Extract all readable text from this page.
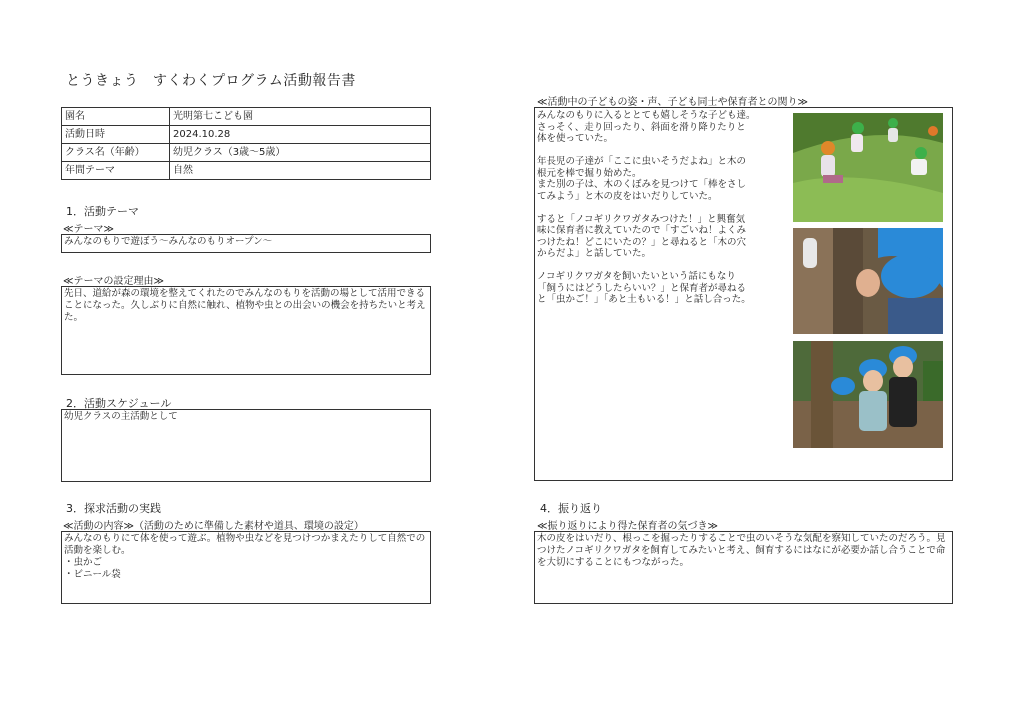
とうきょう　すくわくプログラム活動報告書
園名	光明第七こども園
活動日時	2024.10.28
クラス名（年齢）	幼児クラス（3歳～5歳）
年間テーマ	自然
1．活動テーマ
≪テーマ≫
みんなのもりで遊ぼう～みんなのもりオープン～
≪テーマの設定理由≫
先日、道給が森の環境を整えてくれたのでみんなのもりを活動の場として活用できることになった。久しぶりに自然に触れ、植物や虫との出会いの機会を持ちたいと考えた。
2．活動スケジュール
幼児クラスの主活動として
3．探求活動の実践
≪活動の内容≫（活動のために準備した素材や道具、環境の設定）
みんなのもりにて体を使って遊ぶ。植物や虫などを見つけつかまえたりして自然での活動を楽しむ。
・虫かご
・ビニール袋
≪活動中の子どもの姿・声、子ども同士や保育者との関り≫
みんなのもりに入るととても嬉しそうな子ども達。
さっそく、走り回ったり、斜面を滑り降りたりと
体を使っていた。

年長児の子達が「ここに虫いそうだよね」と木の
根元を棒で掘り始めた。
また別の子は、木のくぼみを見つけて「棒をさし
てみよう」と木の皮をはいだりしていた。

すると「ノコギリクワガタみつけた！」と興奮気
味に保育者に教えていたので「すごいね！よくみ
つけたね！どこにいたの？」と尋ねると「木の穴
からだよ」と話していた。

ノコギリクワガタを飼いたいという話にもなり
「飼うにはどうしたらいい？」と保育者が尋ねる
と「虫かご！」「あと土もいる！」と話し合った。
4．振り返り
≪振り返りにより得た保育者の気づき≫
木の皮をはいだり、根っこを掘ったりすることで虫のいそうな気配を察知していたのだろう。見つけたノコギリクワガタを飼育してみたいと考え、飼育するにはなにが必要か話し合うことで命を大切にすることにもつながった。
